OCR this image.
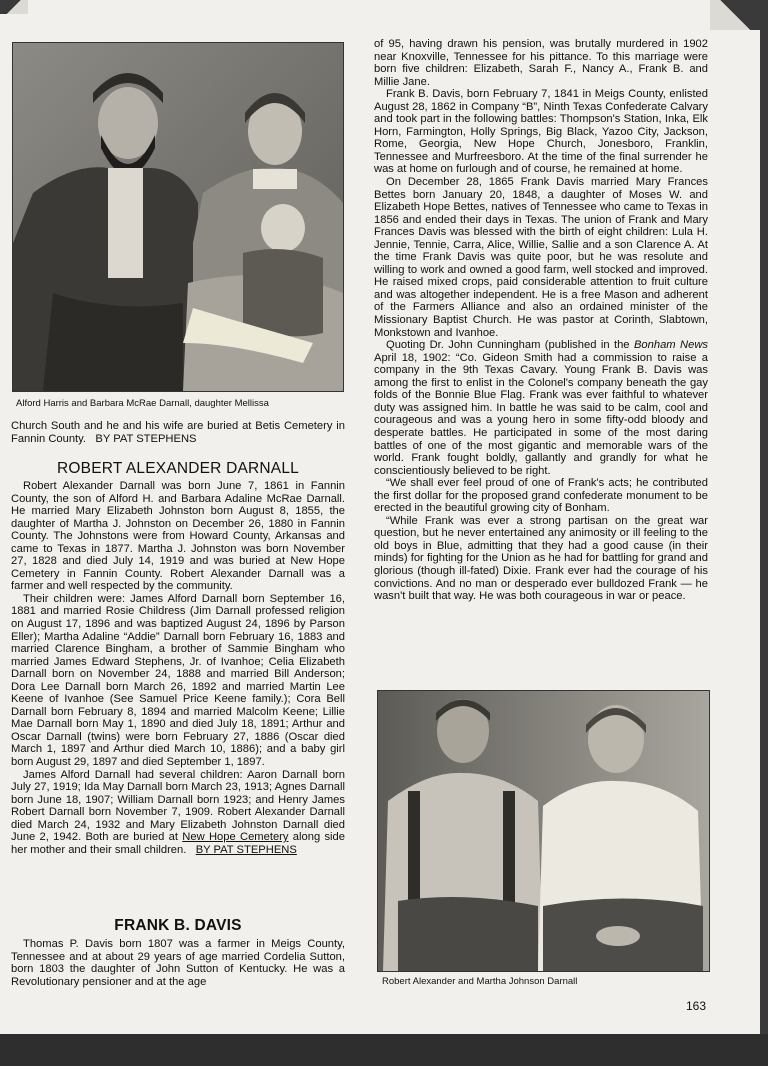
Alford Harris and Barbara McRae Darnall, daughter Mellissa

Church South and he and his wife are buried at Betis Cemetery in Fannin County. BY PAT STEPHENS

ROBERT ALEXANDER DARNALL

Robert Alexander Darnall was born June 7, 1861 in Fannin County, the son of Alford H. and Barbara Adaline McRae Darnall. He married Mary Elizabeth Johnston born August 8, 1855, the daughter of Martha J. Johnston on December 26, 1880 in Fannin County. The Johnstons were from Howard County, Arkansas and came to Texas in 1877. Martha J. Johnston was born November 27, 1828 and died July 14, 1919 and was buried at New Hope Cemetery in Fannin County. Robert Alexander Darnall was a farmer and well respected by the community.

Their children were: James Alford Darnall born September 16, 1881 and married Rosie Childress (Jim Darnall professed religion on August 17, 1896 and was baptized August 24, 1896 by Parson Eller); Martha Adaline “Addie” Darnall born February 16, 1883 and married Clarence Bingham, a brother of Sammie Bingham who married James Edward Stephens, Jr. of Ivanhoe; Celia Elizabeth Darnall born on November 24, 1888 and married Bill Anderson; Dora Lee Darnall born March 26, 1892 and married Martin Lee Keene of Ivanhoe (See Samuel Price Keene family.); Cora Bell Darnall born February 8, 1894 and married Malcolm Keene; Lillie Mae Darnall born May 1, 1890 and died July 18, 1891; Arthur and Oscar Darnall (twins) were born February 27, 1886 (Oscar died March 1, 1897 and Arthur died March 10, 1886); and a baby girl born August 29, 1897 and died September 1, 1897.

James Alford Darnall had several children: Aaron Darnall born July 27, 1919; Ida May Darnall born March 23, 1913; Agnes Darnall born June 18, 1907; William Darnall born 1923; and Henry James Robert Darnall born November 7, 1909. Robert Alexander Darnall died March 24, 1932 and Mary Elizabeth Johnston Darnall died June 2, 1942. Both are buried at New Hope Cemetery along side her mother and their small children. BY PAT STEPHENS

FRANK B. DAVIS

Thomas P. Davis born 1807 was a farmer in Meigs County, Tennessee and at about 29 years of age married Cordelia Sutton, born 1803 the daughter of John Sutton of Kentucky. He was a Revolutionary pensioner and at the age

of 95, having drawn his pension, was brutally murdered in 1902 near Knoxville, Tennessee for his pittance. To this marriage were born five children: Elizabeth, Sarah F., Nancy A., Frank B. and Millie Jane.

Frank B. Davis, born February 7, 1841 in Meigs County, enlisted August 28, 1862 in Company “B”, Ninth Texas Confederate Calvary and took part in the following battles: Thompson's Station, Inka, Elk Horn, Farmington, Holly Springs, Big Black, Yazoo City, Jackson, Rome, Georgia, New Hope Church, Jonesboro, Franklin, Tennessee and Murfreesboro. At the time of the final surrender he was at home on furlough and of course, he remained at home.

On December 28, 1865 Frank Davis married Mary Frances Bettes born January 20, 1848, a daughter of Moses W. and Elizabeth Hope Bettes, natives of Tennessee who came to Texas in 1856 and ended their days in Texas. The union of Frank and Mary Frances Davis was blessed with the birth of eight children: Lula H. Jennie, Tennie, Carra, Alice, Willie, Sallie and a son Clarence A. At the time Frank Davis was quite poor, but he was resolute and willing to work and owned a good farm, well stocked and improved. He raised mixed crops, paid considerable attention to fruit culture and was altogether independent. He is a free Mason and adherent of the Farmers Alliance and also an ordained minister of the Missionary Baptist Church. He was pastor at Corinth, Slabtown, Monkstown and Ivanhoe.

Quoting Dr. John Cunningham (published in the Bonham News April 18, 1902: “Co. Gideon Smith had a commission to raise a company in the 9th Texas Cavary. Young Frank B. Davis was among the first to enlist in the Colonel's company beneath the gay folds of the Bonnie Blue Flag. Frank was ever faithful to whatever duty was assigned him. In battle he was said to be calm, cool and courageous and was a young hero in some fifty-odd bloody and desperate battles. He participated in some of the most daring battles of one of the most gigantic and memorable wars of the world. Frank fought boldly, gallantly and grandly for what he conscientiously believed to be right.

“We shall ever feel proud of one of Frank's acts; he contributed the first dollar for the proposed grand confederate monument to be erected in the beautiful growing city of Bonham.

“While Frank was ever a strong partisan on the great war question, but he never entertained any animosity or ill feeling to the old boys in Blue, admitting that they had a good cause (in their minds) for fighting for the Union as he had for battling for grand and glorious (though ill-fated) Dixie. Frank ever had the courage of his convictions. And no man or desperado ever bulldozed Frank — he wasn't built that way. He was both courageous in war or peace.

Robert Alexander and Martha Johnson Darnall
163
